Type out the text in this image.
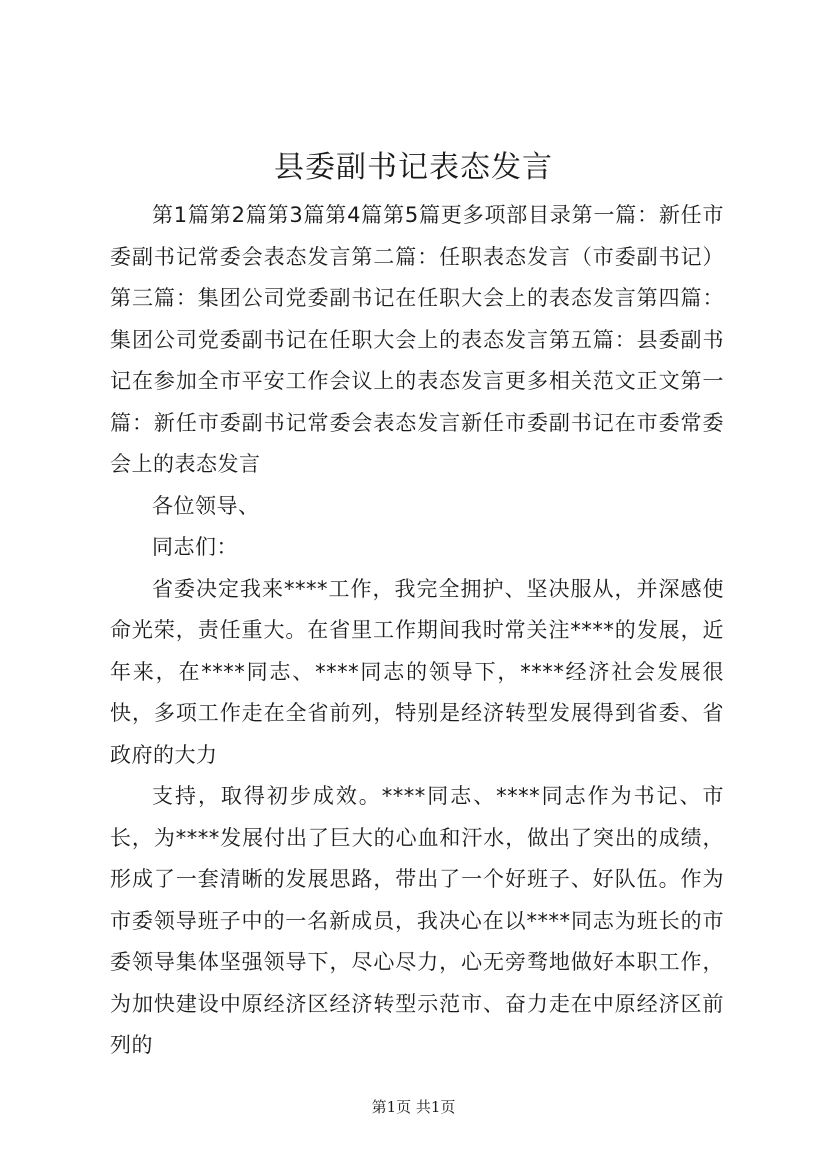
县委副书记表态发言

第1篇第2篇第3篇第4篇第5篇更多项部目录第一篇：新任市委副书记常委会表态发言第二篇：任职表态发言（市委副书记）第三篇：集团公司党委副书记在任职大会上的表态发言第四篇：集团公司党委副书记在任职大会上的表态发言第五篇：县委副书记在参加全市平安工作会议上的表态发言更多相关范文正文第一篇：新任市委副书记常委会表态发言新任市委副书记在市委常委会上的表态发言

各位领导、

同志们：

省委决定我来****工作，我完全拥护、坚决服从，并深感使命光荣，责任重大。在省里工作期间我时常关注****的发展，近年来，在****同志、****同志的领导下，****经济社会发展很快，多项工作走在全省前列，特别是经济转型发展得到省委、省政府的大力

支持，取得初步成效。****同志、****同志作为书记、市长，为****发展付出了巨大的心血和汗水，做出了突出的成绩，形成了一套清晰的发展思路，带出了一个好班子、好队伍。作为市委领导班子中的一名新成员，我决心在以****同志为班长的市委领导集体坚强领导下，尽心尽力，心无旁骛地做好本职工作，为加快建设中原经济区经济转型示范市、奋力走在中原经济区前列的

第1页 共1页
